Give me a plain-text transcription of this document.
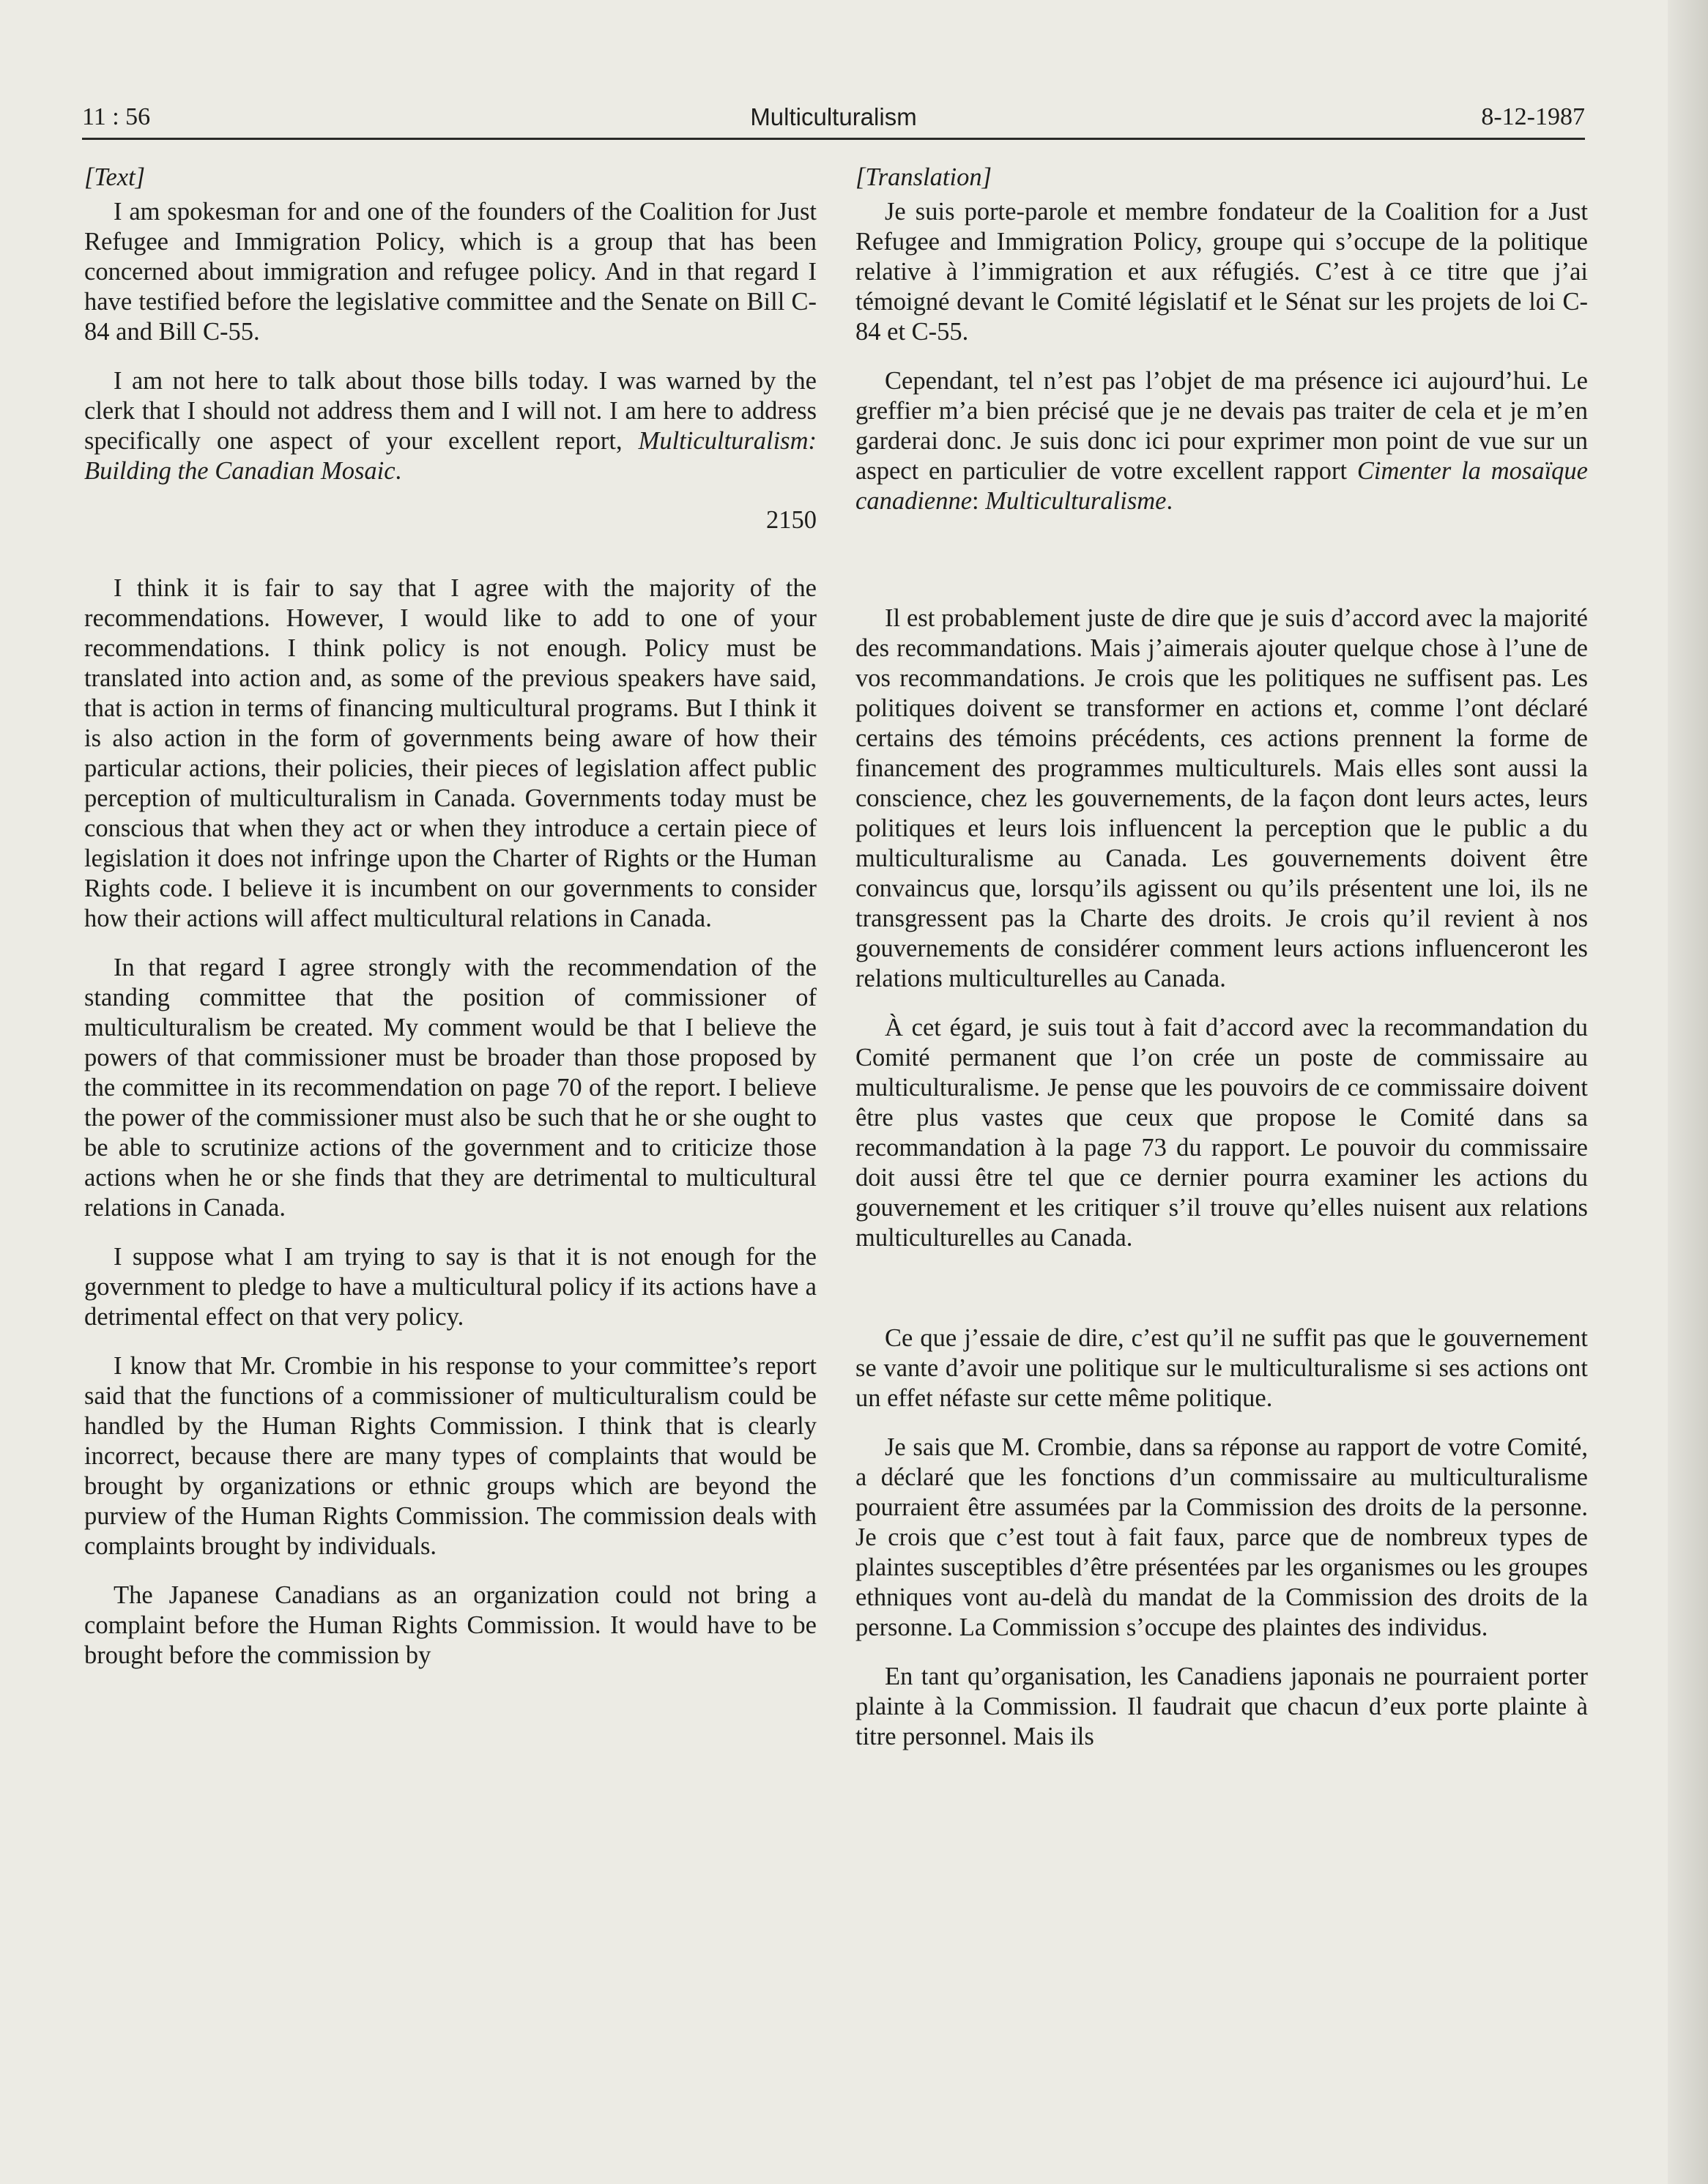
11 : 56	Multiculturalism	8-12-1987

[Text]

I am spokesman for and one of the founders of the Coalition for Just Refugee and Immigration Policy, which is a group that has been concerned about immigration and refugee policy. And in that regard I have testified before the legislative committee and the Senate on Bill C-84 and Bill C-55.

I am not here to talk about those bills today. I was warned by the clerk that I should not address them and I will not. I am here to address specifically one aspect of your excellent report, Multiculturalism: Building the Canadian Mosaic.

2150

I think it is fair to say that I agree with the majority of the recommendations. However, I would like to add to one of your recommendations. I think policy is not enough. Policy must be translated into action and, as some of the previous speakers have said, that is action in terms of financing multicultural programs. But I think it is also action in the form of governments being aware of how their particular actions, their policies, their pieces of legislation affect public perception of multiculturalism in Canada. Governments today must be conscious that when they act or when they introduce a certain piece of legislation it does not infringe upon the Charter of Rights or the Human Rights code. I believe it is incumbent on our governments to consider how their actions will affect multicultural relations in Canada.

In that regard I agree strongly with the recommendation of the standing committee that the position of commissioner of multiculturalism be created. My comment would be that I believe the powers of that commissioner must be broader than those proposed by the committee in its recommendation on page 70 of the report. I believe the power of the commissioner must also be such that he or she ought to be able to scrutinize actions of the government and to criticize those actions when he or she finds that they are detrimental to multicultural relations in Canada.

I suppose what I am trying to say is that it is not enough for the government to pledge to have a multicultural policy if its actions have a detrimental effect on that very policy.

I know that Mr. Crombie in his response to your committee’s report said that the functions of a commissioner of multiculturalism could be handled by the Human Rights Commission. I think that is clearly incorrect, because there are many types of complaints that would be brought by organizations or ethnic groups which are beyond the purview of the Human Rights Commission. The commission deals with complaints brought by individuals.

The Japanese Canadians as an organization could not bring a complaint before the Human Rights Commission. It would have to be brought before the commission by

[Translation]

Je suis porte-parole et membre fondateur de la Coalition for a Just Refugee and Immigration Policy, groupe qui s’occupe de la politique relative à l’immigration et aux réfugiés. C’est à ce titre que j’ai témoigné devant le Comité législatif et le Sénat sur les projets de loi C-84 et C-55.

Cependant, tel n’est pas l’objet de ma présence ici aujourd’hui. Le greffier m’a bien précisé que je ne devais pas traiter de cela et je m’en garderai donc. Je suis donc ici pour exprimer mon point de vue sur un aspect en particulier de votre excellent rapport Cimenter la mosaïque canadienne: Multiculturalisme.

Il est probablement juste de dire que je suis d’accord avec la majorité des recommandations. Mais j’aimerais ajouter quelque chose à l’une de vos recommandations. Je crois que les politiques ne suffisent pas. Les politiques doivent se transformer en actions et, comme l’ont déclaré certains des témoins précédents, ces actions prennent la forme de financement des programmes multiculturels. Mais elles sont aussi la conscience, chez les gouvernements, de la façon dont leurs actes, leurs politiques et leurs lois influencent la perception que le public a du multiculturalisme au Canada. Les gouvernements doivent être convaincus que, lorsqu’ils agissent ou qu’ils présentent une loi, ils ne transgressent pas la Charte des droits. Je crois qu’il revient à nos gouvernements de considérer comment leurs actions influenceront les relations multiculturelles au Canada.

À cet égard, je suis tout à fait d’accord avec la recommandation du Comité permanent que l’on crée un poste de commissaire au multiculturalisme. Je pense que les pouvoirs de ce commissaire doivent être plus vastes que ceux que propose le Comité dans sa recommandation à la page 73 du rapport. Le pouvoir du commissaire doit aussi être tel que ce dernier pourra examiner les actions du gouvernement et les critiquer s’il trouve qu’elles nuisent aux relations multiculturelles au Canada.

Ce que j’essaie de dire, c’est qu’il ne suffit pas que le gouvernement se vante d’avoir une politique sur le multiculturalisme si ses actions ont un effet néfaste sur cette même politique.

Je sais que M. Crombie, dans sa réponse au rapport de votre Comité, a déclaré que les fonctions d’un commissaire au multiculturalisme pourraient être assumées par la Commission des droits de la personne. Je crois que c’est tout à fait faux, parce que de nombreux types de plaintes susceptibles d’être présentées par les organismes ou les groupes ethniques vont au-delà du mandat de la Commission des droits de la personne. La Commission s’occupe des plaintes des individus.

En tant qu’organisation, les Canadiens japonais ne pourraient porter plainte à la Commission. Il faudrait que chacun d’eux porte plainte à titre personnel. Mais ils
